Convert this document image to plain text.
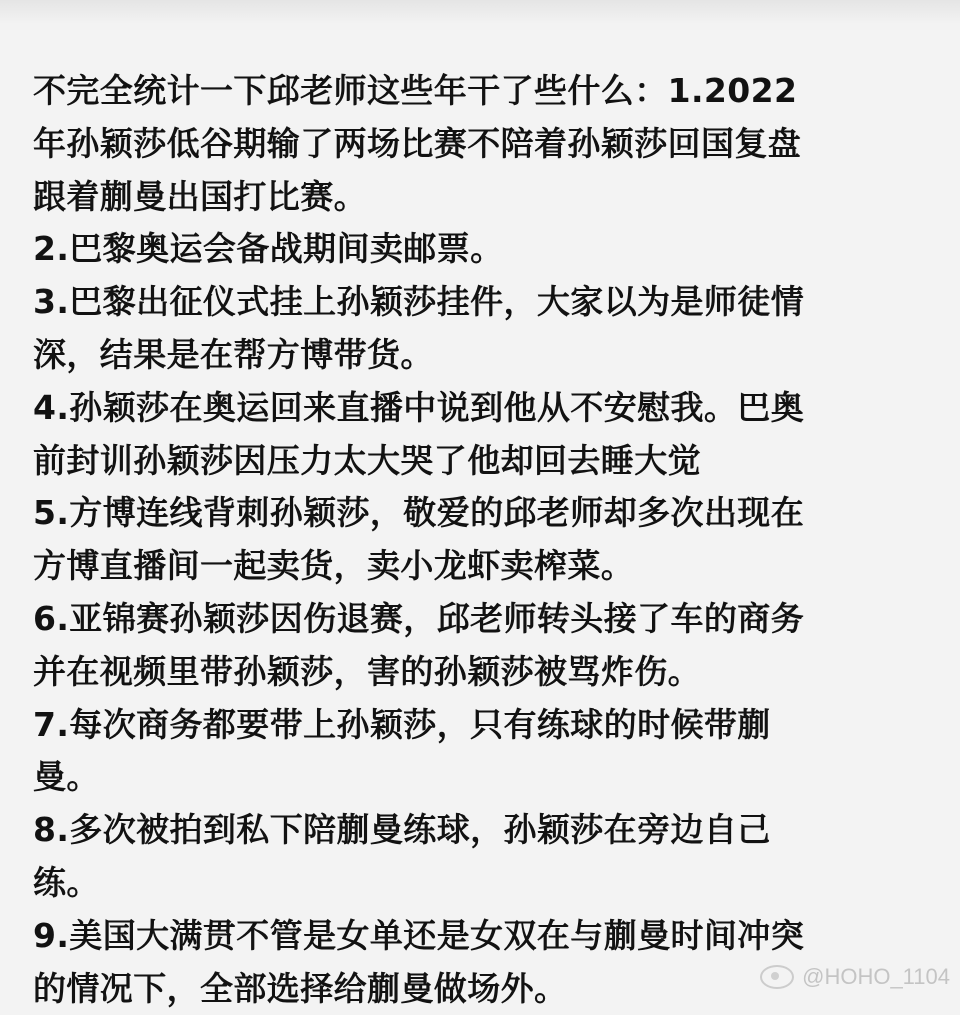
不完全统计一下邱老师这些年干了些什么：1.2022
年孙颖莎低谷期输了两场比赛不陪着孙颖莎回国复盘
跟着蒯曼出国打比赛。
2.巴黎奥运会备战期间卖邮票。
3.巴黎出征仪式挂上孙颖莎挂件，大家以为是师徒情
深，结果是在帮方博带货。
4.孙颖莎在奥运回来直播中说到他从不安慰我。巴奥
前封训孙颖莎因压力太大哭了他却回去睡大觉
5.方博连线背刺孙颖莎，敬爱的邱老师却多次出现在
方博直播间一起卖货，卖小龙虾卖榨菜。
6.亚锦赛孙颖莎因伤退赛，邱老师转头接了车的商务
并在视频里带孙颖莎，害的孙颖莎被骂炸伤。
7.每次商务都要带上孙颖莎，只有练球的时候带蒯
曼。
8.多次被拍到私下陪蒯曼练球，孙颖莎在旁边自己
练。
9.美国大满贯不管是女单还是女双在与蒯曼时间冲突
的情况下，全部选择给蒯曼做场外。	@HOHO_1104
